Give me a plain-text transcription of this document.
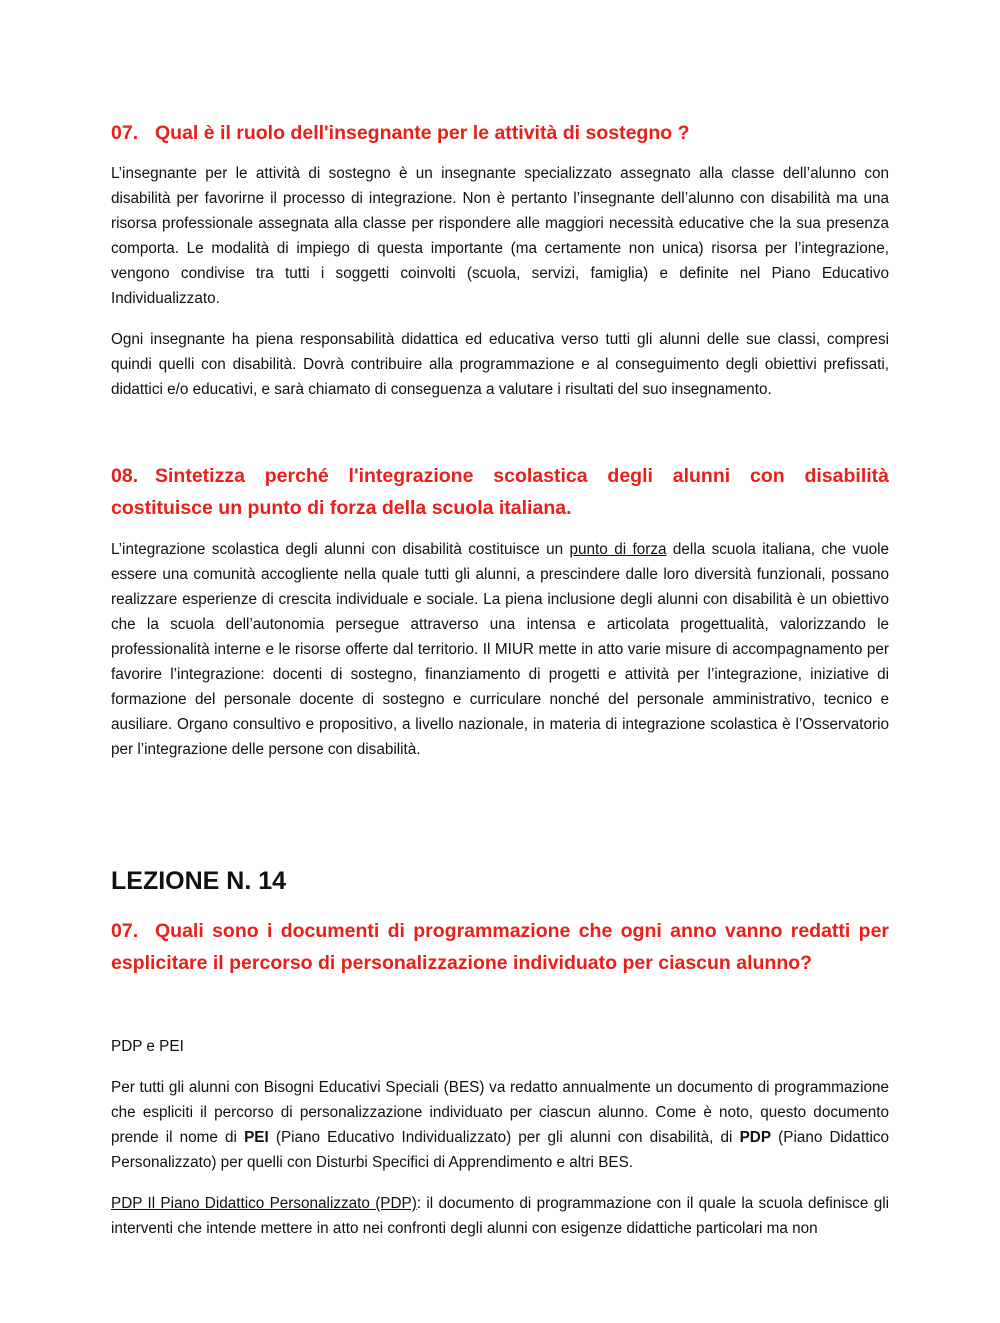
07. Qual è il ruolo dell'insegnante per le attività di sostegno ?

L’insegnante per le attività di sostegno è un insegnante specializzato assegnato alla classe dell’alunno con disabilità per favorirne il processo di integrazione. Non è pertanto l’insegnante dell’alunno con disabilità ma una risorsa professionale assegnata alla classe per rispondere alle maggiori necessità educative che la sua presenza comporta. Le modalità di impiego di questa importante (ma certamente non unica) risorsa per l’integrazione, vengono condivise tra tutti i soggetti coinvolti (scuola, servizi, famiglia) e definite nel Piano Educativo Individualizzato.

Ogni insegnante ha piena responsabilità didattica ed educativa verso tutti gli alunni delle sue classi, compresi quindi quelli con disabilità. Dovrà contribuire alla programmazione e al conseguimento degli obiettivi prefissati, didattici e/o educativi, e sarà chiamato di conseguenza a valutare i risultati del suo insegnamento.

08. Sintetizza perché l'integrazione scolastica degli alunni con disabilità costituisce un punto di forza della scuola italiana.

L’integrazione scolastica degli alunni con disabilità costituisce un punto di forza della scuola italiana, che vuole essere una comunità accogliente nella quale tutti gli alunni, a prescindere dalle loro diversità funzionali, possano realizzare esperienze di crescita individuale e sociale. La piena inclusione degli alunni con disabilità è un obiettivo che la scuola dell’autonomia persegue attraverso una intensa e articolata progettualità, valorizzando le professionalità interne e le risorse offerte dal territorio. Il MIUR mette in atto varie misure di accompagnamento per favorire l’integrazione: docenti di sostegno, finanziamento di progetti e attività per l’integrazione, iniziative di formazione del personale docente di sostegno e curriculare nonché del personale amministrativo, tecnico e ausiliare. Organo consultivo e propositivo, a livello nazionale, in materia di integrazione scolastica è l’Osservatorio per l’integrazione delle persone con disabilità.

LEZIONE N. 14
07. Quali sono i documenti di programmazione che ogni anno vanno redatti per esplicitare il percorso di personalizzazione individuato per ciascun alunno?

PDP e PEI

Per tutti gli alunni con Bisogni Educativi Speciali (BES) va redatto annualmente un documento di programmazione che espliciti il percorso di personalizzazione individuato per ciascun alunno. Come è noto, questo documento prende il nome di PEI (Piano Educativo Individualizzato) per gli alunni con disabilità, di PDP (Piano Didattico Personalizzato) per quelli con Disturbi Specifici di Apprendimento e altri BES.

PDP Il Piano Didattico Personalizzato (PDP): il documento di programmazione con il quale la scuola definisce gli interventi che intende mettere in atto nei confronti degli alunni con esigenze didattiche particolari ma non
